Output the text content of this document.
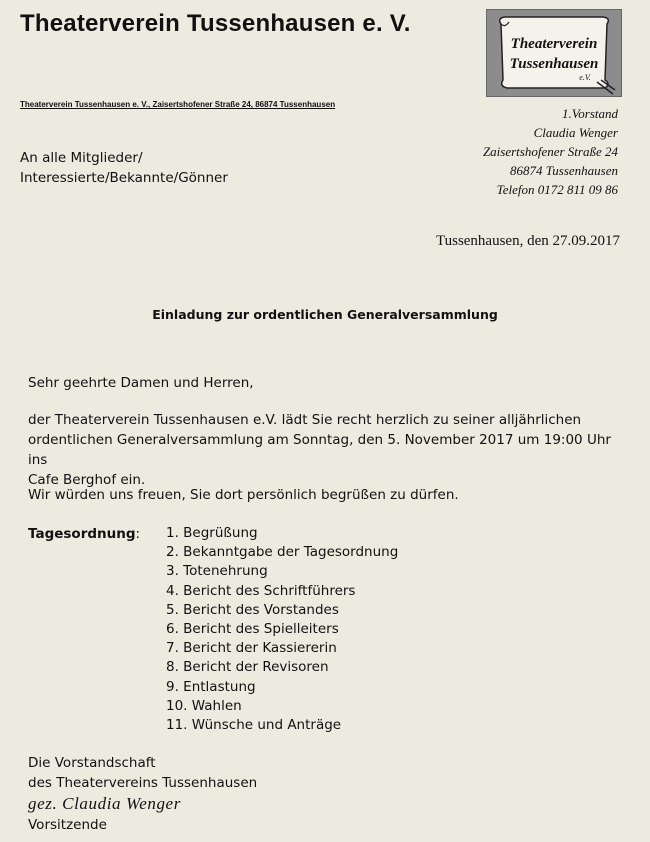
Theaterverein Tussenhausen e. V.
Theaterverein
Tussenhausen
e.V.
Theaterverein Tussenhausen e. V., Zaisertshofener Straße 24, 86874 Tussenhausen
1.Vorstand
Claudia Wenger
Zaisertshofener Straße 24
86874 Tussenhausen
Telefon 0172 811 09 86
An alle Mitglieder/
Interessierte/Bekannte/Gönner
Tussenhausen, den 27.09.2017
Einladung zur ordentlichen Generalversammlung
Sehr geehrte Damen und Herren,
der Theaterverein Tussenhausen e.V. lädt Sie recht herzlich zu seiner alljährlichen
ordentlichen Generalversammlung am Sonntag, den 5. November 2017 um 19:00 Uhr ins
Cafe Berghof ein.
Wir würden uns freuen, Sie dort persönlich begrüßen zu dürfen.
Tagesordnung: 1. Begrüßung
2. Bekanntgabe der Tagesordnung
3. Totenehrung
4. Bericht des Schriftführers
5. Bericht des Vorstandes
6. Bericht des Spielleiters
7. Bericht der Kassiererin
8. Bericht der Revisoren
9. Entlastung
10. Wahlen
11. Wünsche und Anträge
Die Vorstandschaft
des Theatervereins Tussenhausen
gez. Claudia Wenger
Vorsitzende
